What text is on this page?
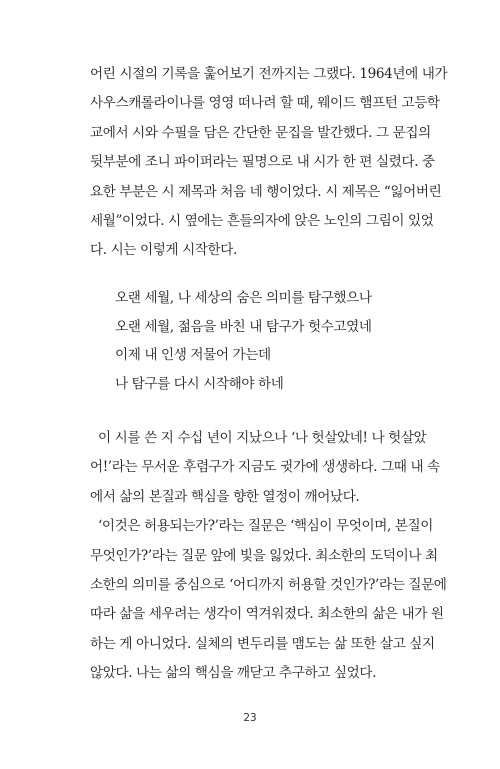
어린 시절의 기록을 훑어보기 전까지는 그랬다. 1964년에 내가
사우스캐롤라이나를 영영 떠나려 할 때, 웨이드 햄프턴 고등학
교에서 시와 수필을 담은 간단한 문집을 발간했다. 그 문집의
뒷부분에 조니 파이퍼라는 필명으로 내 시가 한 편 실렸다. 중
요한 부분은 시 제목과 처음 네 행이었다. 시 제목은 “잃어버린
세월”이었다. 시 옆에는 흔들의자에 앉은 노인의 그림이 있었
다. 시는 이렇게 시작한다.

오랜 세월, 나 세상의 숨은 의미를 탐구했으나
오랜 세월, 젊음을 바친 내 탐구가 헛수고였네
이제 내 인생 저물어 가는데
나 탐구를 다시 시작해야 하네

이 시를 쓴 지 수십 년이 지났으나 ‘나 헛살았네! 나 헛살았
어!’라는 무서운 후렴구가 지금도 귓가에 생생하다. 그때 내 속
에서 삶의 본질과 핵심을 향한 열정이 깨어났다.
‘이것은 허용되는가?’라는 질문은 ‘핵심이 무엇이며, 본질이
무엇인가?’라는 질문 앞에 빛을 잃었다. 최소한의 도덕이나 최
소한의 의미를 중심으로 ‘어디까지 허용할 것인가?’라는 질문에
따라 삶을 세우려는 생각이 역겨워졌다. 최소한의 삶은 내가 원
하는 게 아니었다. 실체의 변두리를 맴도는 삶 또한 살고 싶지
않았다. 나는 삶의 핵심을 깨닫고 추구하고 싶었다.

23
